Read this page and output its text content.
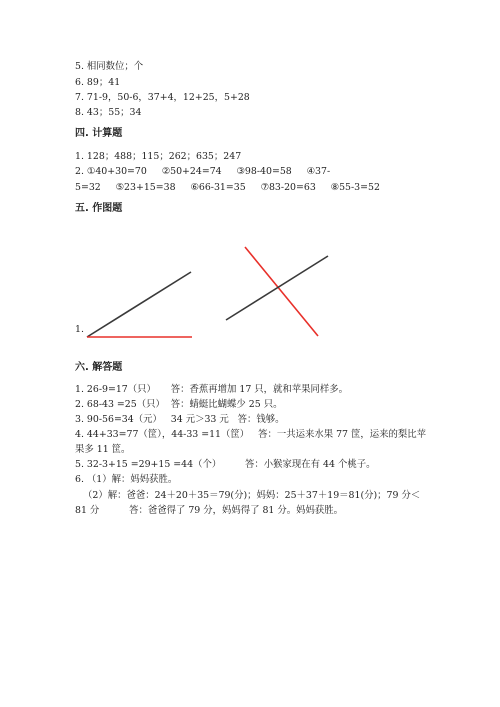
5. 相同数位；个
6. 89；41
7. 71-9，50-6，37+4，12+25，5+28
8. 43；55；34
四. 计算题
1. 128；488；115；262；635；247
2. ①40+30=70     ②50+24=74     ③98-40=58     ④37-
5=32     ⑤23+15=38     ⑥66-31=35     ⑦83-20=63     ⑧55-3=52
五. 作图题
1.
六. 解答题
1. 26-9=17（只）     答：香蕉再增加 17 只，就和苹果同样多。
2. 68-43 =25（只）  答：蜻蜓比蝴蝶少 25 只。
3. 90-56=34（元）   34 元＞33 元   答：钱够。
4. 44+33=77（筐），44-33 =11（筐）   答：一共运来水果 77 筐，运来的梨比苹
果多 11 筐。
5. 32-3+15 =29+15 =44（个）        答：小猴家现在有 44 个桃子。
6. （1）解：妈妈获胜。
（2）解：爸爸：24＋20＋35＝79(分)；妈妈：25＋37＋19＝81(分)；79 分＜
81 分          答：爸爸得了 79 分，妈妈得了 81 分。妈妈获胜。
